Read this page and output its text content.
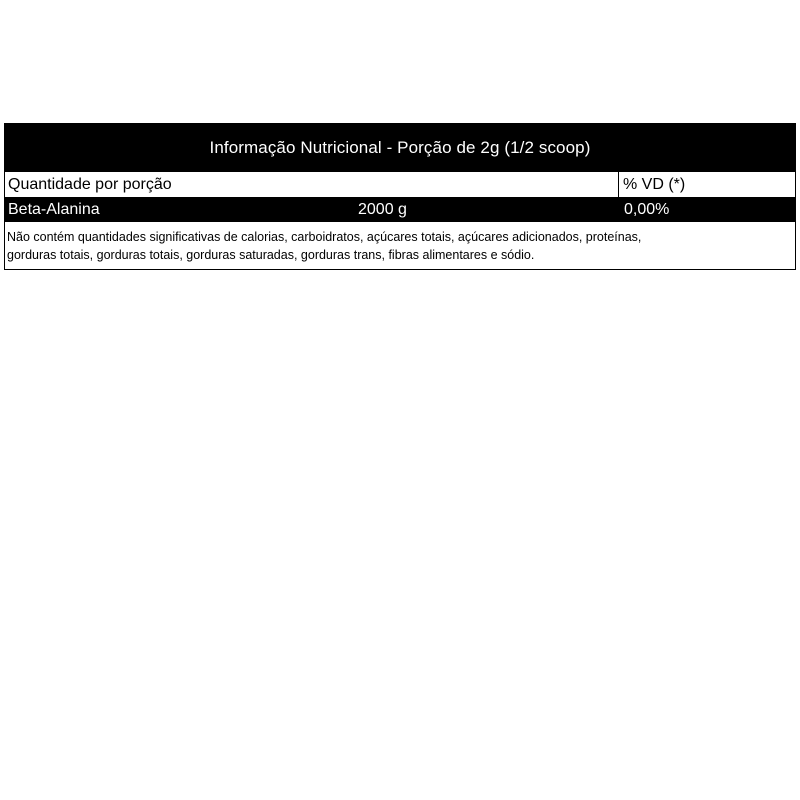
Informação Nutricional - Porção de 2g (1/2 scoop)
Quantidade por porção	% VD (*)
Beta-Alanina	2000 g	0,00%
Não contém quantidades significativas de calorias, carboidratos, açúcares totais, açúcares adicionados, proteínas,
gorduras totais, gorduras totais, gorduras saturadas, gorduras trans, fibras alimentares e sódio.
